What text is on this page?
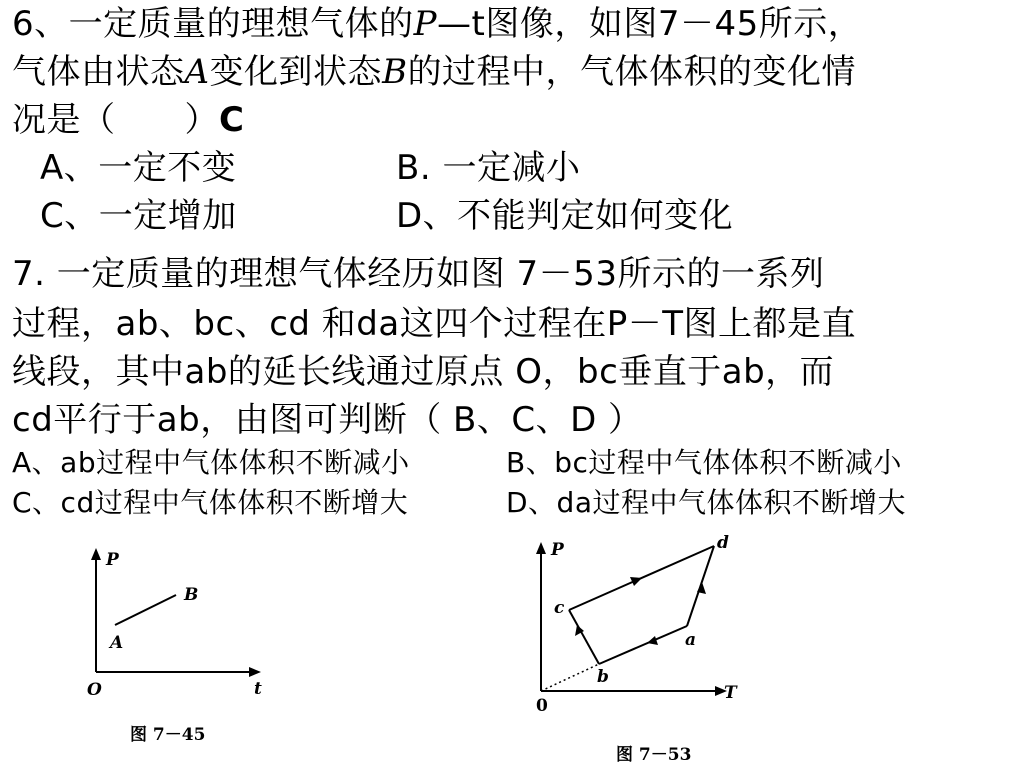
6、一定质量的理想气体的P—t图像，如图7－45所示，
气体由状态A变化到状态B的过程中，气体体积的变化情
况是（　　）C
A、一定不变	B. 一定减小
C、一定增加	D、不能判定如何变化
7. 一定质量的理想气体经历如图 7－53所示的一系列
过程，ab、bc、cd 和da这四个过程在P－T图上都是直
线段，其中ab的延长线通过原点 O，bc垂直于ab，而
cd平行于ab，由图可判断（ B、C、D ）
A、ab过程中气体体积不断减小	B、bc过程中气体体积不断减小
C、cd过程中气体体积不断增大	D、da过程中气体体积不断增大
P
t
O
A
B
图 7－45
P
T
0
a
b
c
d
图 7－53
